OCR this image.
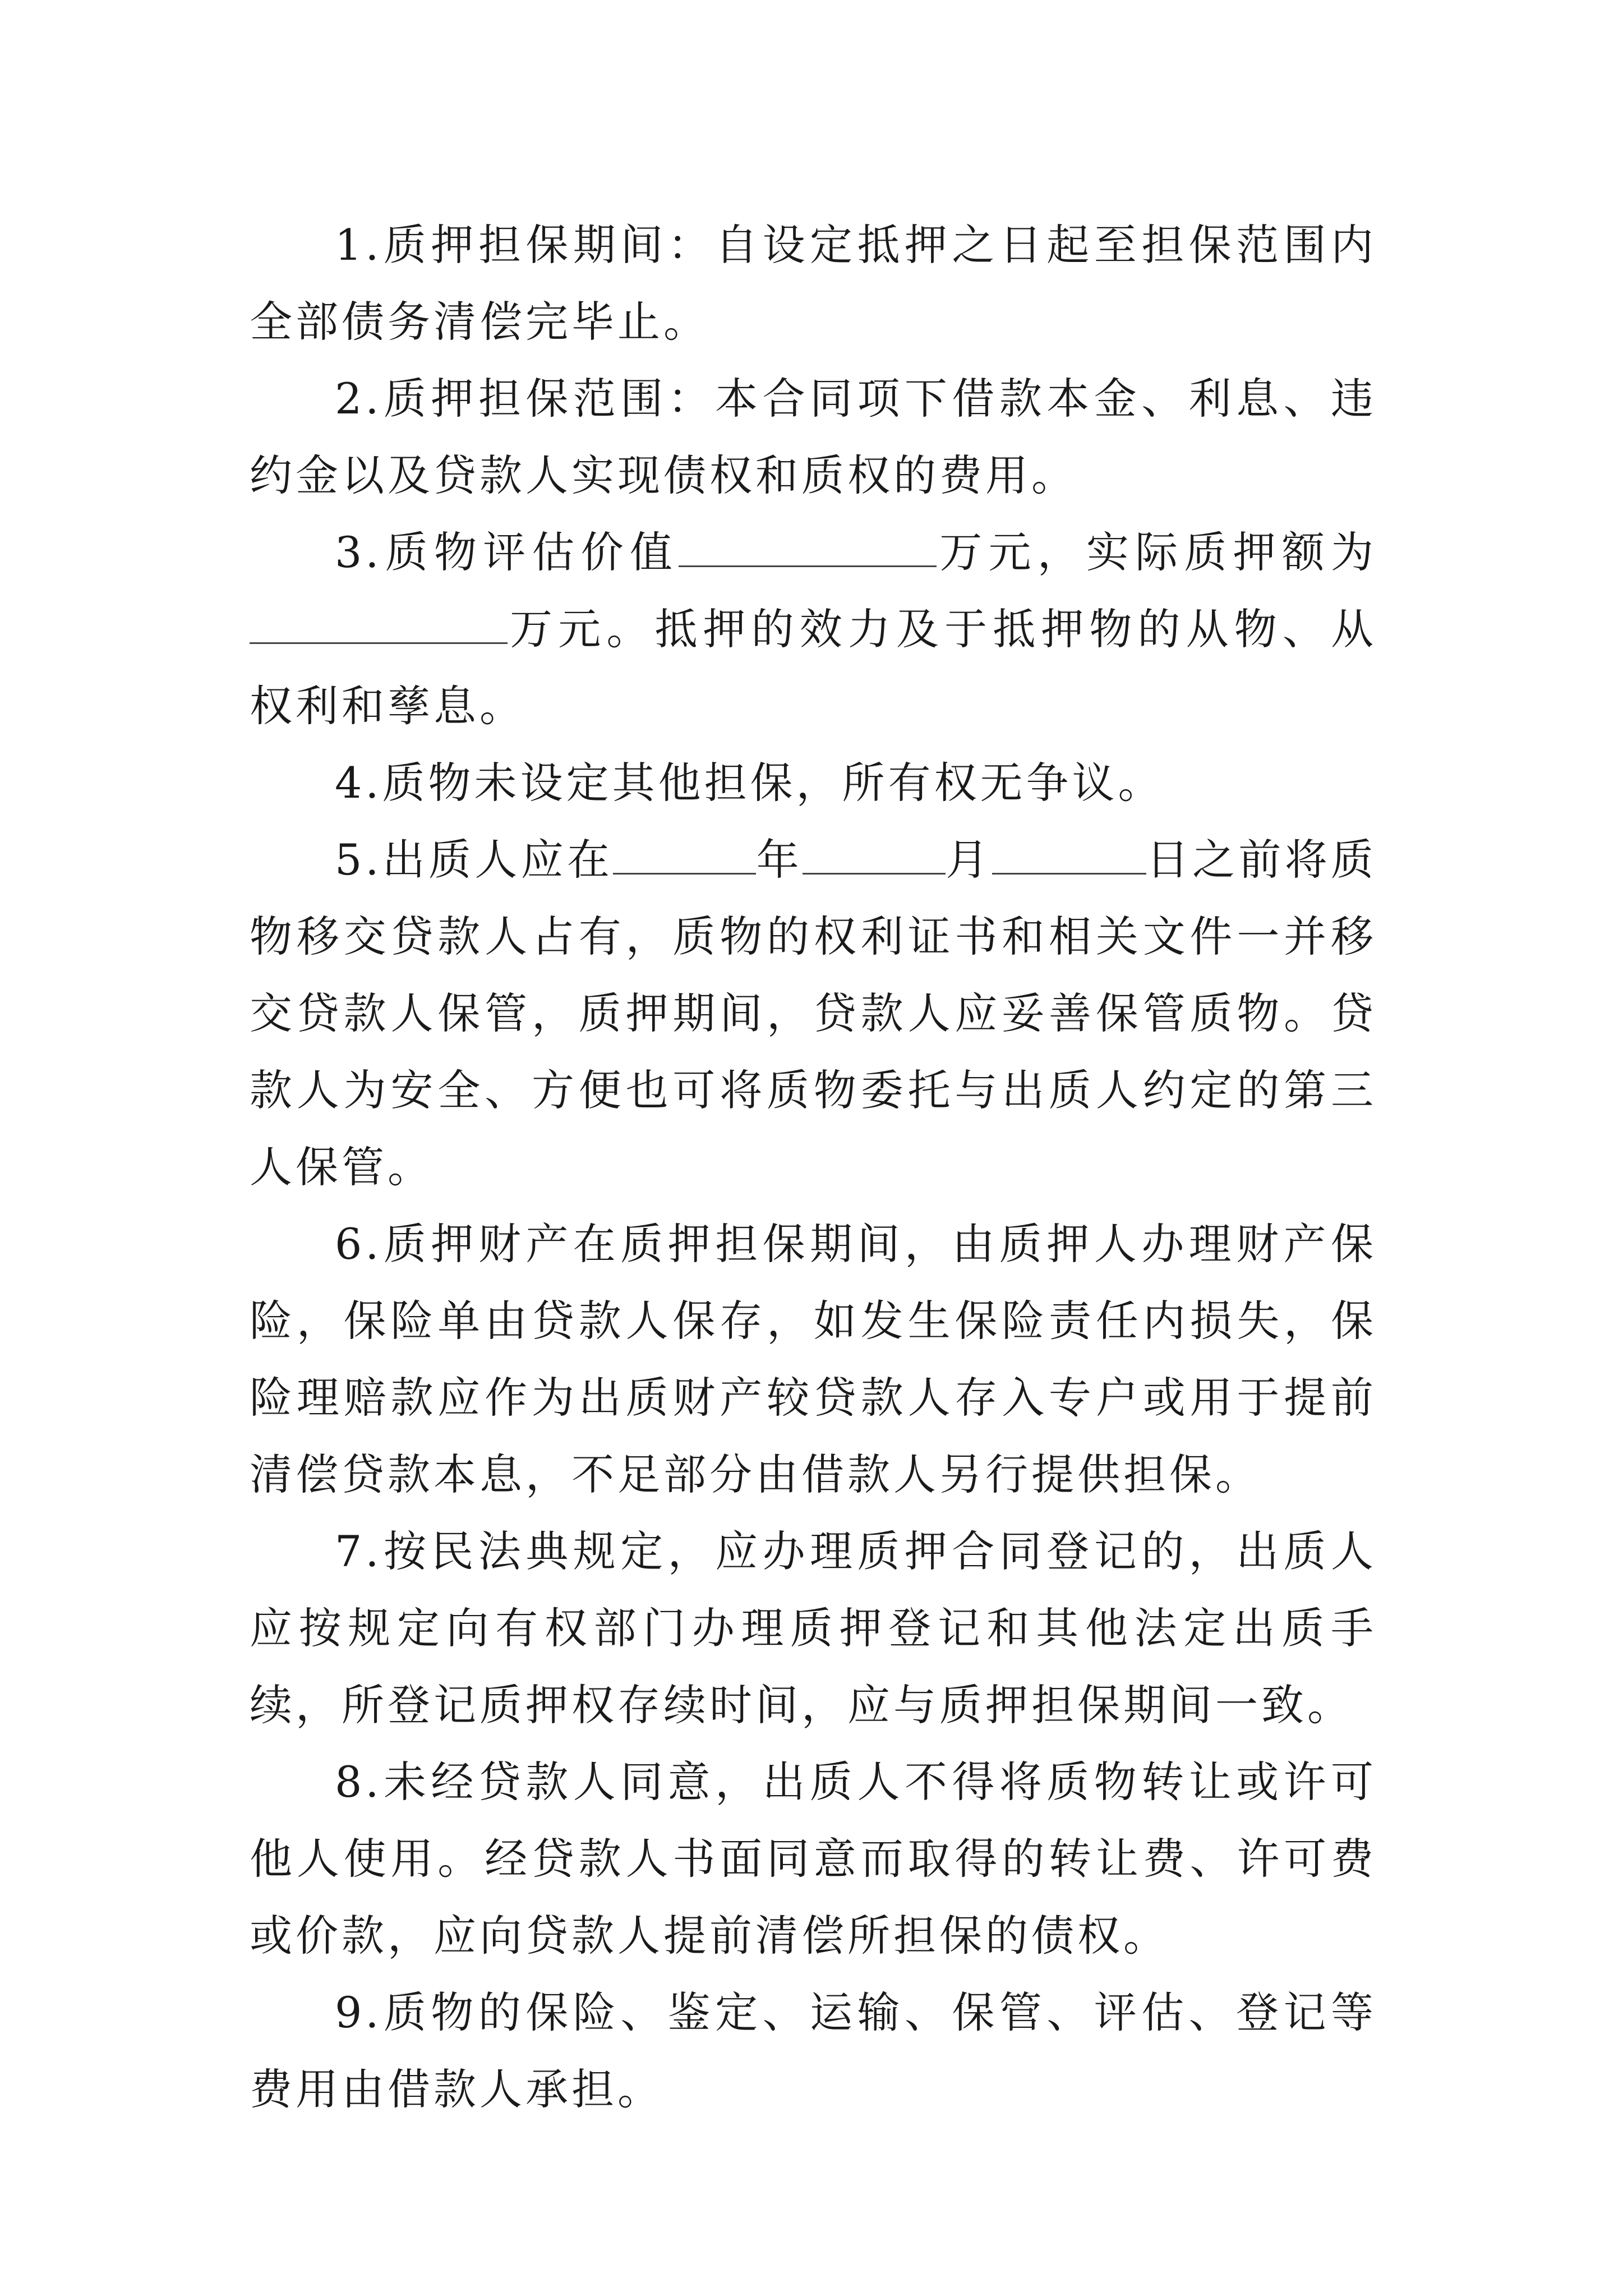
1.质押担保期间：自设定抵押之日起至担保范围内全部债务清偿完毕止。

2.质押担保范围：本合同项下借款本金、利息、违约金以及贷款人实现债权和质权的费用。

3.质物评估价值	万元，实际质押额为万元。抵押的效力及于抵押物的从物、从权利和孳息。

4.质物未设定其他担保，所有权无争议。

5.出质人应在	年	月	日之前将质物移交贷款人占有，质物的权利证书和相关文件一并移交贷款人保管，质押期间，贷款人应妥善保管质物。贷款人为安全、方便也可将质物委托与出质人约定的第三人保管。

6.质押财产在质押担保期间，由质押人办理财产保险，保险单由贷款人保存，如发生保险责任内损失，保险理赔款应作为出质财产较贷款人存入专户或用于提前清偿贷款本息，不足部分由借款人另行提供担保。

7.按民法典规定，应办理质押合同登记的，出质人应按规定向有权部门办理质押登记和其他法定出质手续，所登记质押权存续时间，应与质押担保期间一致。

8.未经贷款人同意，出质人不得将质物转让或许可他人使用。经贷款人书面同意而取得的转让费、许可费或价款，应向贷款人提前清偿所担保的债权。

9.质物的保险、鉴定、运输、保管、评估、登记等费用由借款人承担。
